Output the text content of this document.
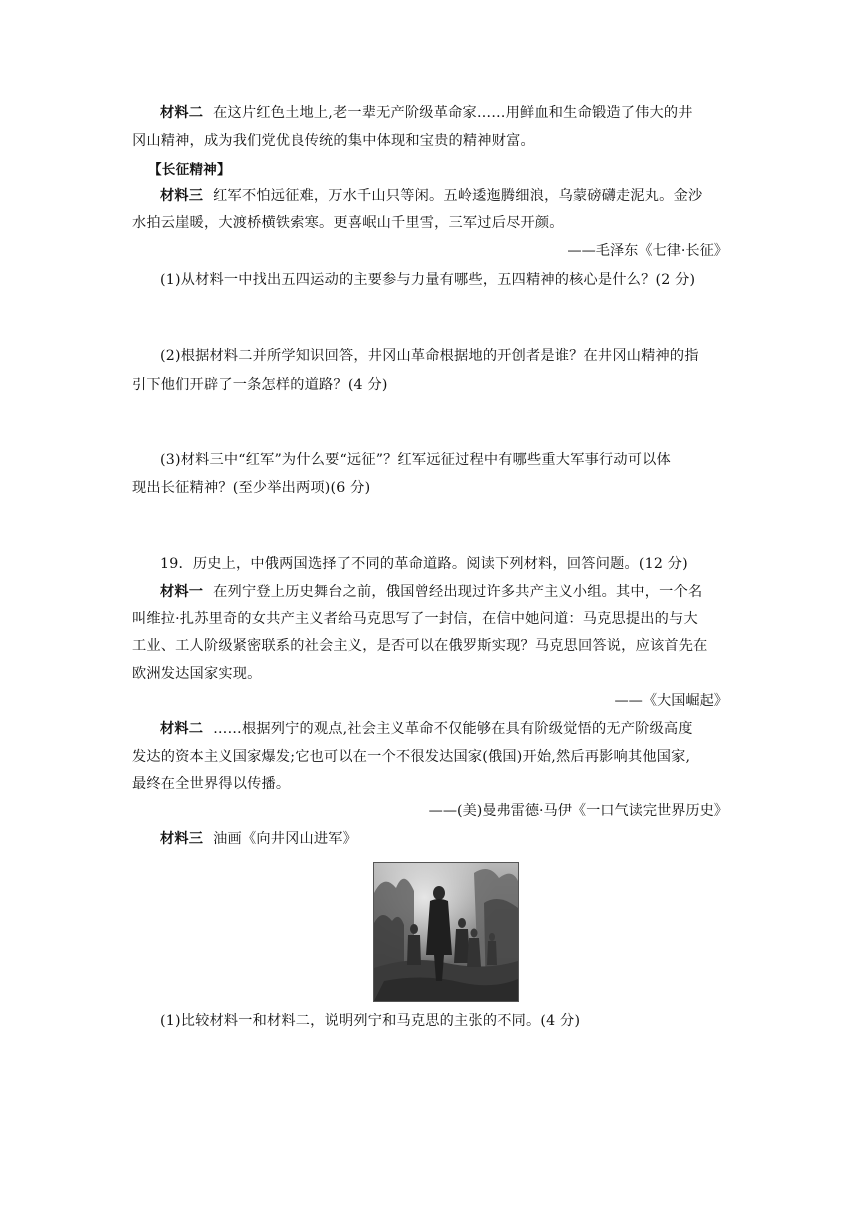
材料二 在这片红色土地上,老一辈无产阶级革命家……用鲜血和生命锻造了伟大的井
冈山精神，成为我们党优良传统的集中体现和宝贵的精神财富。
【长征精神】
材料三 红军不怕远征难，万水千山只等闲。五岭逶迤腾细浪，乌蒙磅礴走泥丸。金沙
水拍云崖暖，大渡桥横铁索寒。更喜岷山千里雪，三军过后尽开颜。
——毛泽东《七律·长征》
(1)从材料一中找出五四运动的主要参与力量有哪些，五四精神的核心是什么？(2 分)
(2)根据材料二并所学知识回答，井冈山革命根据地的开创者是谁？在井冈山精神的指
引下他们开辟了一条怎样的道路？(4 分)
(3)材料三中“红军”为什么要“远征”？红军远征过程中有哪些重大军事行动可以体
现出长征精神？(至少举出两项)(6 分)
19．历史上，中俄两国选择了不同的革命道路。阅读下列材料，回答问题。(12 分)
材料一 在列宁登上历史舞台之前，俄国曾经出现过许多共产主义小组。其中，一个名
叫维拉·扎苏里奇的女共产主义者给马克思写了一封信，在信中她问道：马克思提出的与大
工业、工人阶级紧密联系的社会主义，是否可以在俄罗斯实现？马克思回答说，应该首先在
欧洲发达国家实现。
——《大国崛起》
材料二 ……根据列宁的观点,社会主义革命不仅能够在具有阶级觉悟的无产阶级高度
发达的资本主义国家爆发;它也可以在一个不很发达国家(俄国)开始,然后再影响其他国家,
最终在全世界得以传播。
——(美)曼弗雷德·马伊《一口气读完世界历史》
材料三 油画《向井冈山进军》
(1)比较材料一和材料二，说明列宁和马克思的主张的不同。(4 分)
